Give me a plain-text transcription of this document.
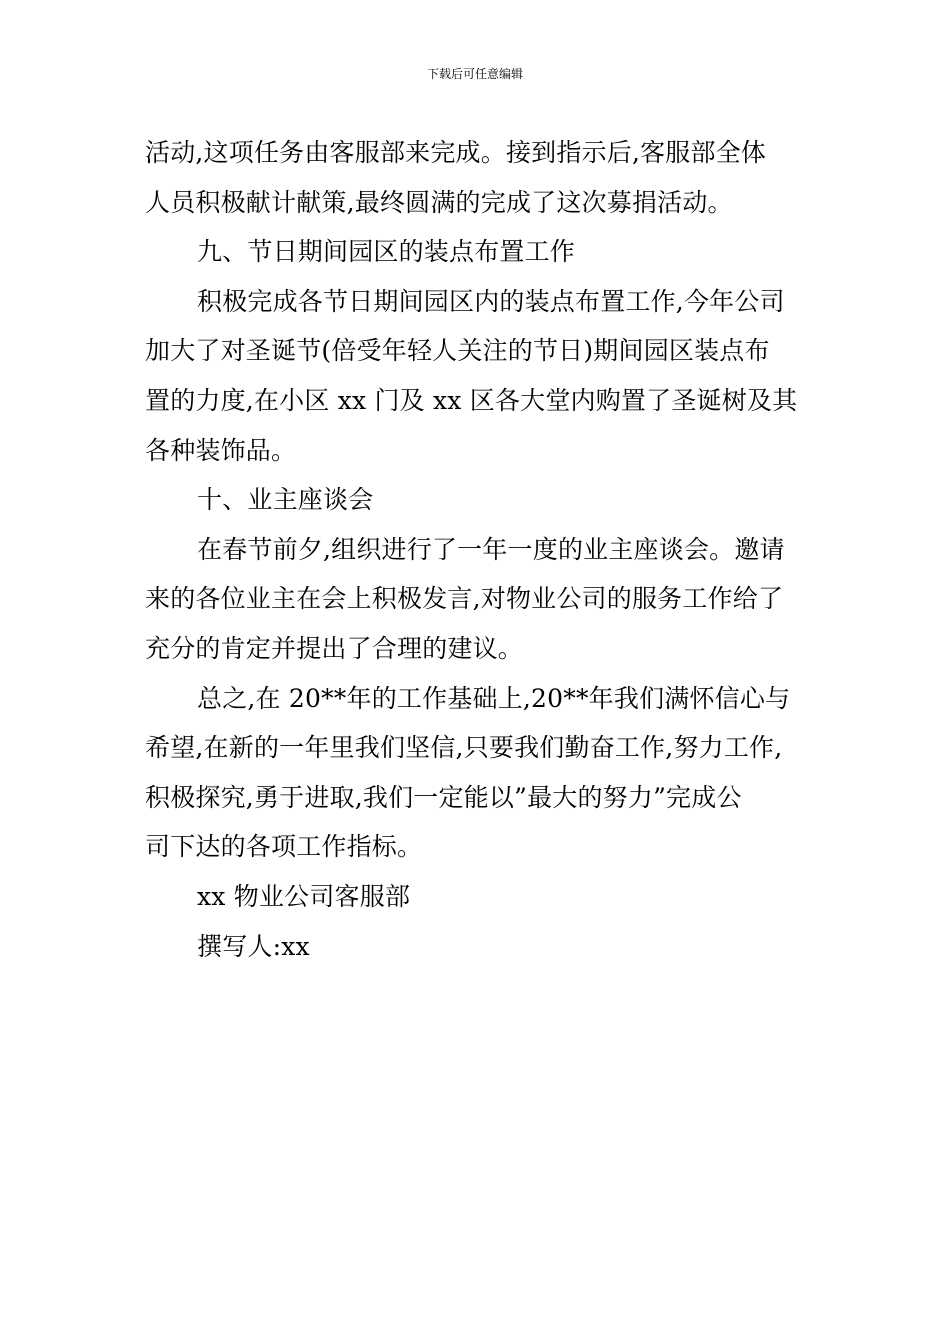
下载后可任意编辑

活动,这项任务由客服部来完成。接到指示后,客服部全体

人员积极献计献策,最终圆满的完成了这次募捐活动。

九、节日期间园区的装点布置工作

积极完成各节日期间园区内的装点布置工作,今年公司

加大了对圣诞节(倍受年轻人关注的节日)期间园区装点布

置的力度,在小区 xx 门及 xx 区各大堂内购置了圣诞树及其

各种装饰品。

十、业主座谈会

在春节前夕,组织进行了一年一度的业主座谈会。邀请

来的各位业主在会上积极发言,对物业公司的服务工作给了

充分的肯定并提出了合理的建议。

总之,在 20**年的工作基础上,20**年我们满怀信心与

希望,在新的一年里我们坚信,只要我们勤奋工作,努力工作,

积极探究,勇于进取,我们一定能以”最大的努力”完成公

司下达的各项工作指标。

xx 物业公司客服部

撰写人:xx
